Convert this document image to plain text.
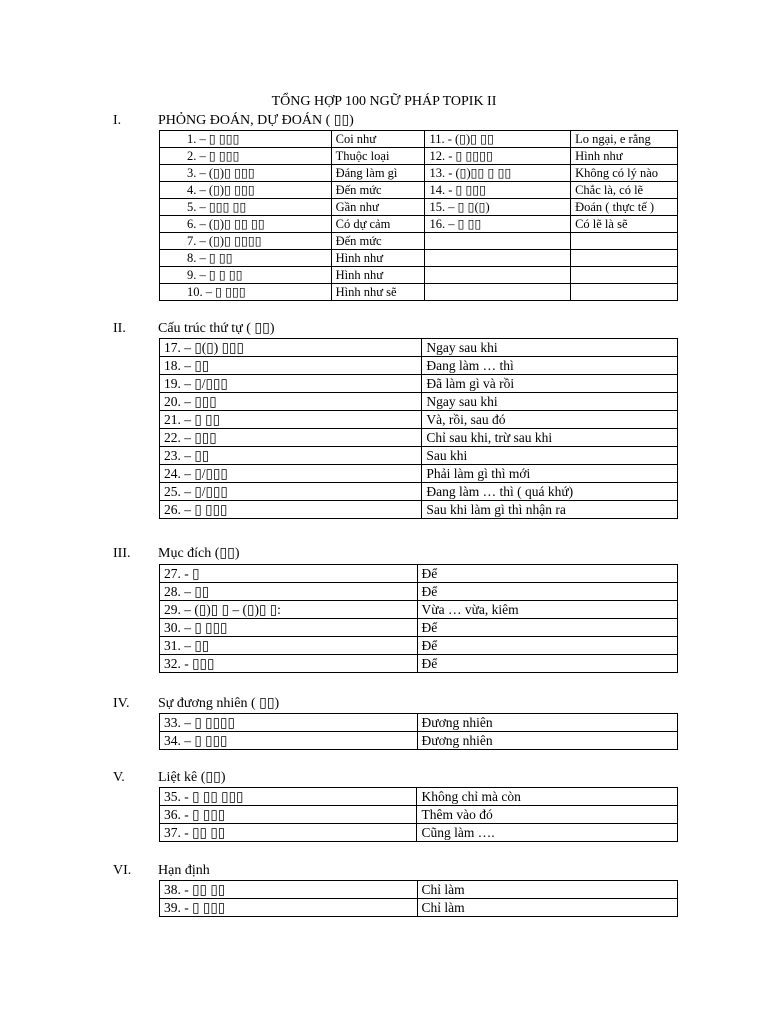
TỔNG HỢP 100 NGỮ PHÁP TOPIK II
I.	PHỎNG ĐOÁN, DỰ ĐOÁN ( ▯▯)
1. – ▯ ▯▯▯	Coi như	11. - (▯)▯ ▯▯	Lo ngại, e rằng
2. – ▯ ▯▯▯	Thuộc loại	12. - ▯ ▯▯▯▯	Hình như
3. – (▯)▯ ▯▯▯	Đáng làm gì	13. - (▯)▯▯ ▯ ▯▯	Không có lý nào
4. – (▯)▯ ▯▯▯	Đến mức	14. - ▯ ▯▯▯	Chắc là, có lẽ
5. – ▯▯▯ ▯▯	Gần như	15. – ▯ ▯(▯)	Đoán ( thực tế )
6. – (▯)▯ ▯▯ ▯▯	Có dự cảm	16. – ▯ ▯▯	Có lẽ là sẽ
7. – (▯)▯ ▯▯▯▯	Đến mức		
8. – ▯ ▯▯	Hình như		
9. – ▯ ▯ ▯▯	Hình như		
10. – ▯ ▯▯▯	Hình như sẽ		
II. Cấu trúc thứ tự ( ▯▯)
17. – ▯(▯) ▯▯▯	Ngay sau khi
18. – ▯▯	Đang làm … thì
19. – ▯/▯▯▯	Đã làm gì và rồi
20. – ▯▯▯	Ngay sau khi
21. – ▯ ▯▯	Và, rồi, sau đó
22. – ▯▯▯	Chỉ sau khi, trừ sau khi
23. – ▯▯	Sau khi
24. – ▯/▯▯▯	Phải làm gì thì mới
25. – ▯/▯▯▯	Đang làm … thì ( quá khứ)
26. – ▯ ▯▯▯	Sau khi làm gì thì nhận ra
III. Mục đích (▯▯)
27. - ▯	Để
28. – ▯▯	Để
29. – (▯)▯ ▯ – (▯)▯ ▯:	Vừa … vừa, kiêm
30. – ▯ ▯▯▯	Để
31. – ▯▯	Để
32. - ▯▯▯	Để
IV. Sự đương nhiên ( ▯▯)
33. – ▯ ▯▯▯▯	Đương nhiên
34. – ▯ ▯▯▯	Đương nhiên
V. Liệt kê (▯▯)
35. - ▯ ▯▯ ▯▯▯	Không chỉ mà còn
36. - ▯ ▯▯▯	Thêm vào đó
37. - ▯▯ ▯▯	Cũng làm ….
VI. Hạn định
38. - ▯▯ ▯▯	Chỉ làm
39. - ▯ ▯▯▯	Chỉ làm
